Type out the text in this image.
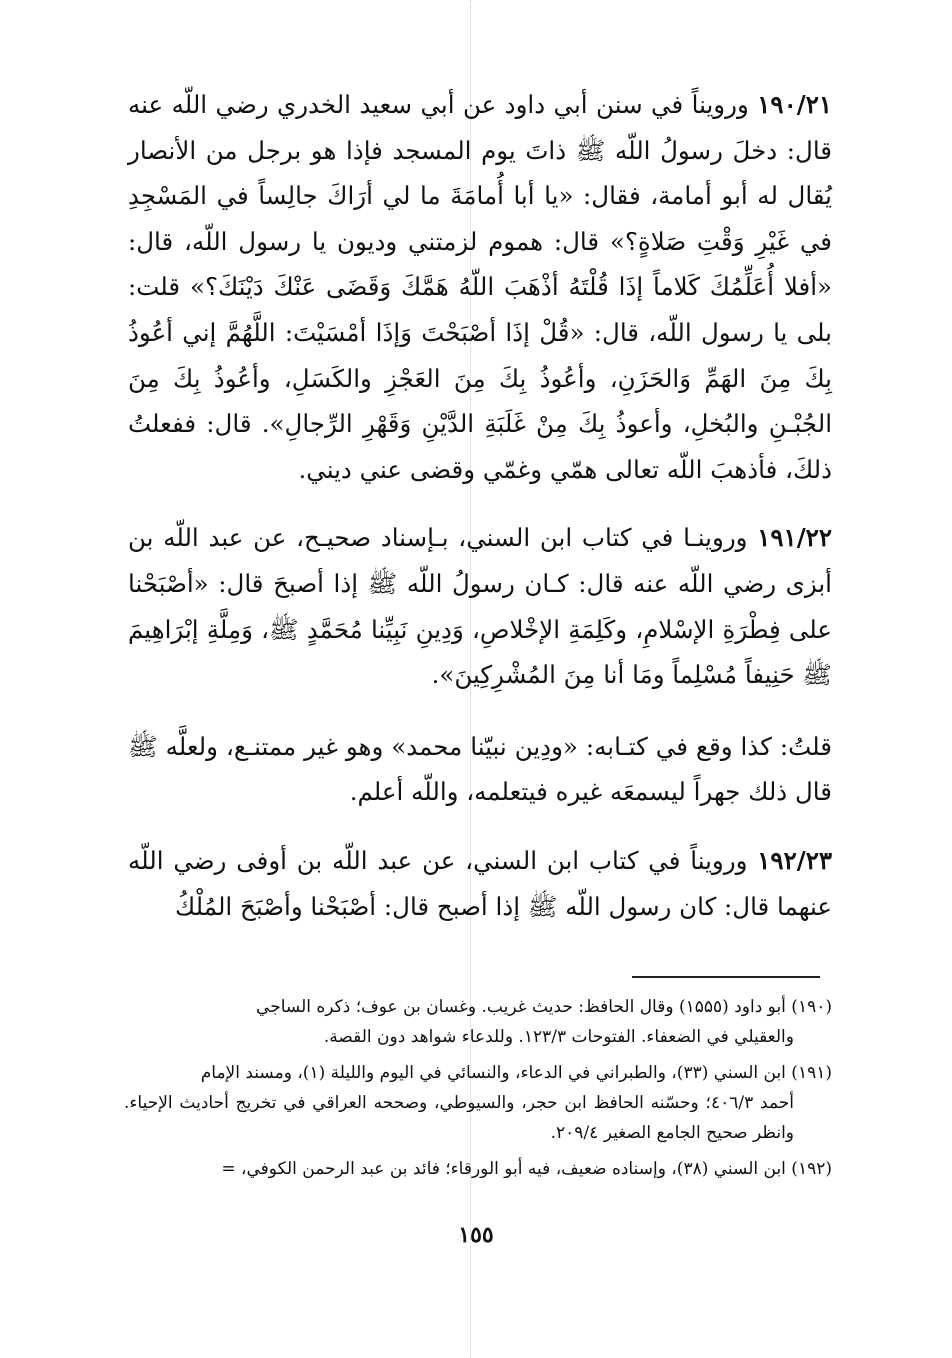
۱۹۰/۲۱ ورويناً في سنن أبي داود عن أبي سعيد الخدري رضي اللّه عنه قال: دخلَ رسولُ اللّه ﷺ ذاتَ يوم المسجد فإذا هو برجل من الأنصار يُقال له أبو أمامة، فقال: «يا أبا أُمامَةَ ما لي أرَاكَ جالِساً في المَسْجِدِ في غَيْرِ وَقْتِ صَلاةٍ؟» قال: هموم لزمتني وديون يا رسول اللّه، قال: «أفلا أُعَلِّمُكَ كَلاماً إذَا قُلْتَهُ أذْهَبَ اللّهُ هَمَّكَ وَقَضَى عَنْكَ دَيْنَكَ؟» قلت: بلى يا رسول اللّه، قال: «قُلْ إذَا أصْبَحْتَ وَإذَا أمْسَيْتَ: اللَّهُمَّ إني أعُوذُ بِكَ مِنَ الهَمِّ وَالحَزَنِ، وأعُوذُ بِكَ مِنَ العَجْزِ والكَسَلِ، وأعُوذُ بِكَ مِنَ الجُبْـنِ والبُخلِ، وأعوذُ بِكَ مِنْ غَلَبَةِ الدَّيْنِ وَقَهْرِ الرِّجالِ». قال: ففعلتُ ذلكَ، فأذهبَ اللّه تعالى همّي وغمّي وقضى عني ديني.

۱۹۱/۲۲ وروينـا في كتاب ابن السني، بـإسناد صحيـح، عن عبد اللّه بن أبزى رضي اللّه عنه قال: كـان رسولُ اللّه ﷺ إذا أصبحَ قال: «أصْبَحْنا على فِطْرَةِ الإسْلامِ، وكَلِمَةِ الإخْلاصِ، وَدِينِ نَبِيِّنا مُحَمَّدٍ ﷺ، وَمِلَّةِ إبْرَاهِيمَ ﷺ حَنِيفاً مُسْلِماً ومَا أنا مِنَ المُشْرِكِينَ».

قلتُ: كذا وقع في كتـابه: «ودِين نبيّنا محمد» وهو غير ممتنـع، ولعلَّه ﷺ قال ذلك جهراً ليسمعَه غيره فيتعلمه، واللّه أعلم.

۱۹۲/۲۳ ورويناً في كتاب ابن السني، عن عبد اللّه بن أوفى رضي اللّه عنهما قال: كان رسول اللّه ﷺ إذا أصبح قال: أصْبَحْنا وأصْبَحَ المُلْكُ

(۱۹۰) أبو داود (۱۵۵٥) وقال الحافظ: حديث غريب. وغسان بن عوف؛ ذكره الساجي
والعقيلي في الضعفاء. الفتوحات ۱۲۳/۳. وللدعاء شواهد دون القصة.

(۱۹۱) ابن السني (۳۳)، والطبراني في الدعاء، والنسائي في اليوم والليلة (۱)، ومسند الإمام
أحمد ٤۰٦/۳؛ وحسّنه الحافظ ابن حجر، والسيوطي، وصححه العراقي في تخريج أحاديث الإحياء. وانظر صحيح الجامع الصغير ۲۰۹/٤.

(۱۹۲) ابن السني (۳۸)، وإسناده ضعيف، فيه أبو الورقاء؛ فائد بن عبد الرحمن الكوفي، =

۱٥٥
